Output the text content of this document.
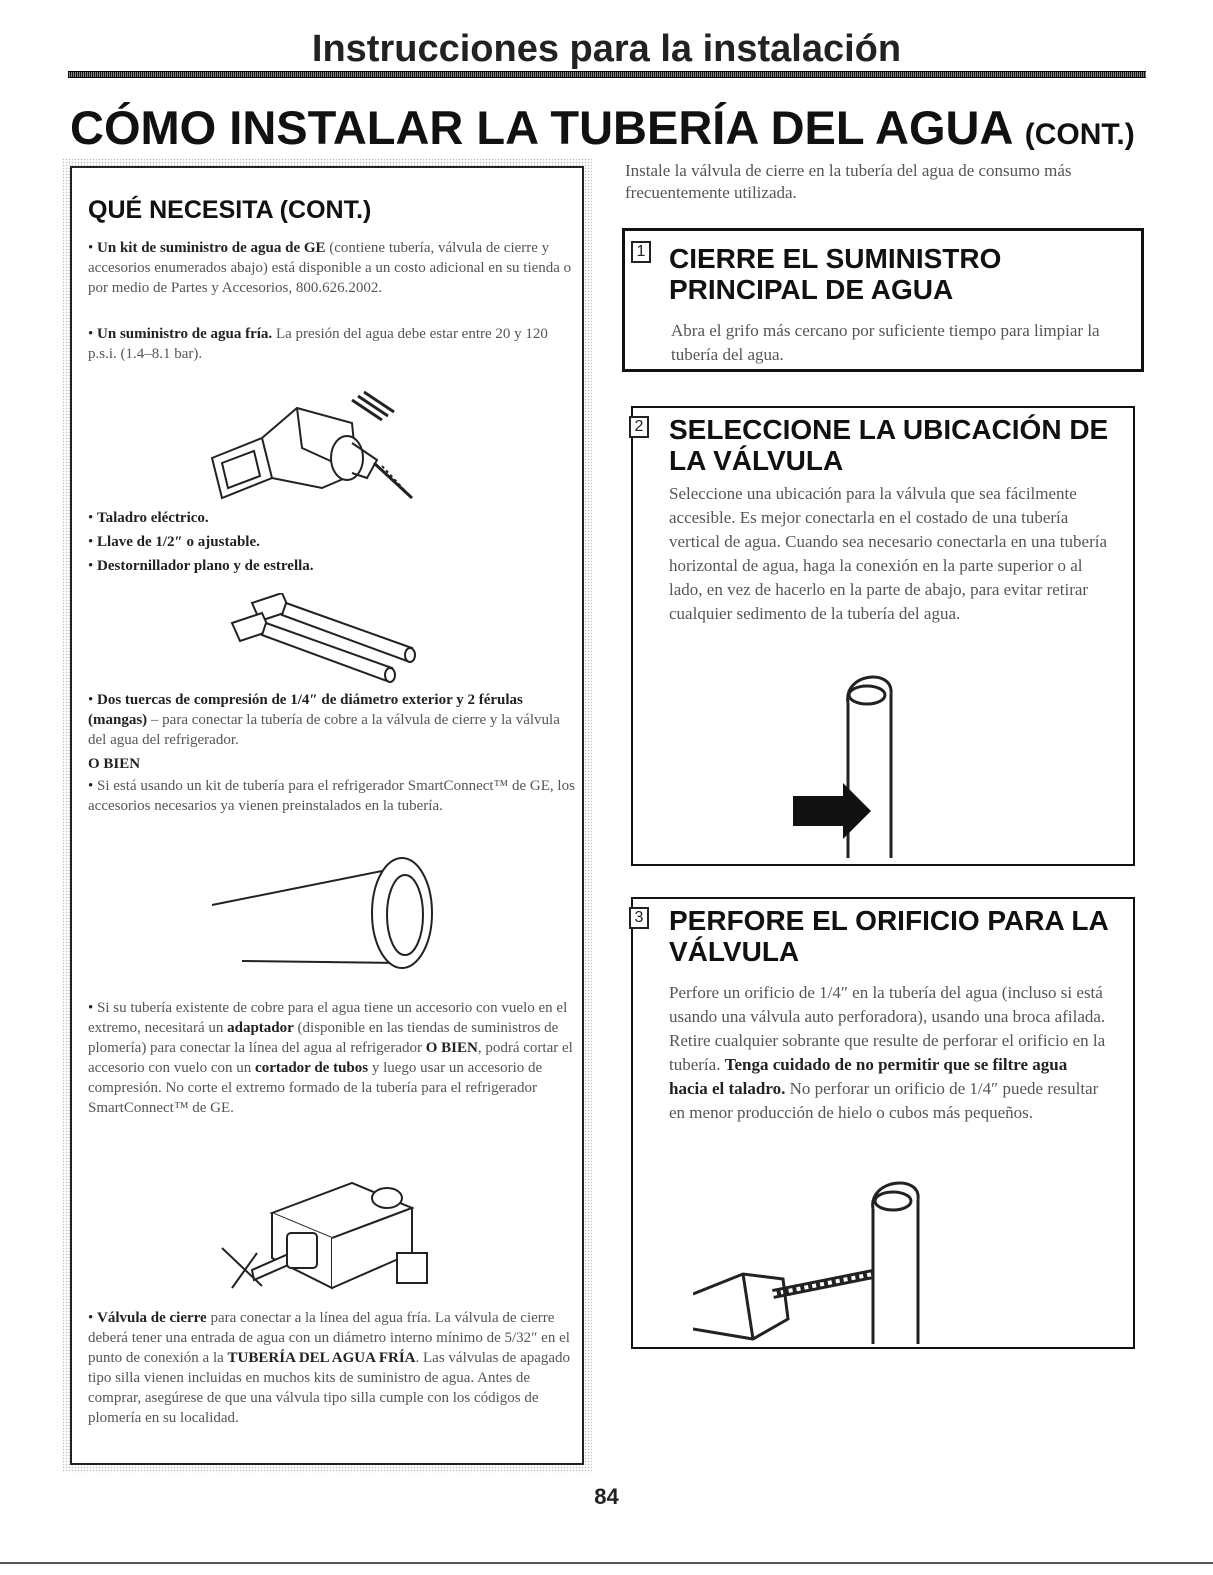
Instrucciones para la instalación
CÓMO INSTALAR LA TUBERÍA DEL AGUA (CONT.)
QUÉ NECESITA (CONT.)
• Un kit de suministro de agua de GE (contiene tubería, válvula de cierre y accesorios enumerados abajo) está disponible a un costo adicional en su tienda o por medio de Partes y Accesorios, 800.626.2002.
• Un suministro de agua fría. La presión del agua debe estar entre 20 y 120 p.s.i. (1.4–8.1 bar).
• Taladro eléctrico.
• Llave de 1/2″ o ajustable.
• Destornillador plano y de estrella.
• Dos tuercas de compresión de 1/4″ de diámetro exterior y 2 férulas (mangas) – para conectar la tubería de cobre a la válvula de cierre y la válvula del agua del refrigerador.
O BIEN
• Si está usando un kit de tubería para el refrigerador SmartConnect™ de GE, los accesorios necesarios ya vienen preinstalados en la tubería.
• Si su tubería existente de cobre para el agua tiene un accesorio con vuelo en el extremo, necesitará un adaptador (disponible en las tiendas de suministros de plomería) para conectar la línea del agua al refrigerador O BIEN, podrá cortar el accesorio con vuelo con un cortador de tubos y luego usar un accesorio de compresión. No corte el extremo formado de la tubería para el refrigerador SmartConnect™ de GE.
• Válvula de cierre para conectar a la línea del agua fría. La válvula de cierre deberá tener una entrada de agua con un diámetro interno mínimo de 5/32″ en el punto de conexión a la TUBERÍA DEL AGUA FRÍA. Las válvulas de apagado tipo silla vienen incluidas en muchos kits de suministro de agua. Antes de comprar, asegúrese de que una válvula tipo silla cumple con los códigos de plomería en su localidad.
Instale la válvula de cierre en la tubería del agua de consumo más frecuentemente utilizada.
1 CIERRE EL SUMINISTRO PRINCIPAL DE AGUA
Abra el grifo más cercano por suficiente tiempo para limpiar la tubería del agua.
2 SELECCIONE LA UBICACIÓN DE LA VÁLVULA
Seleccione una ubicación para la válvula que sea fácilmente accesible. Es mejor conectarla en el costado de una tubería vertical de agua. Cuando sea necesario conectarla en una tubería horizontal de agua, haga la conexión en la parte superior o al lado, en vez de hacerlo en la parte de abajo, para evitar retirar cualquier sedimento de la tubería del agua.
3 PERFORE EL ORIFICIO PARA LA VÁLVULA
Perfore un orificio de 1/4″ en la tubería del agua (incluso si está usando una válvula auto perforadora), usando una broca afilada. Retire cualquier sobrante que resulte de perforar el orificio en la tubería. Tenga cuidado de no permitir que se filtre agua hacia el taladro. No perforar un orificio de 1/4″ puede resultar en menor producción de hielo o cubos más pequeños.
84
